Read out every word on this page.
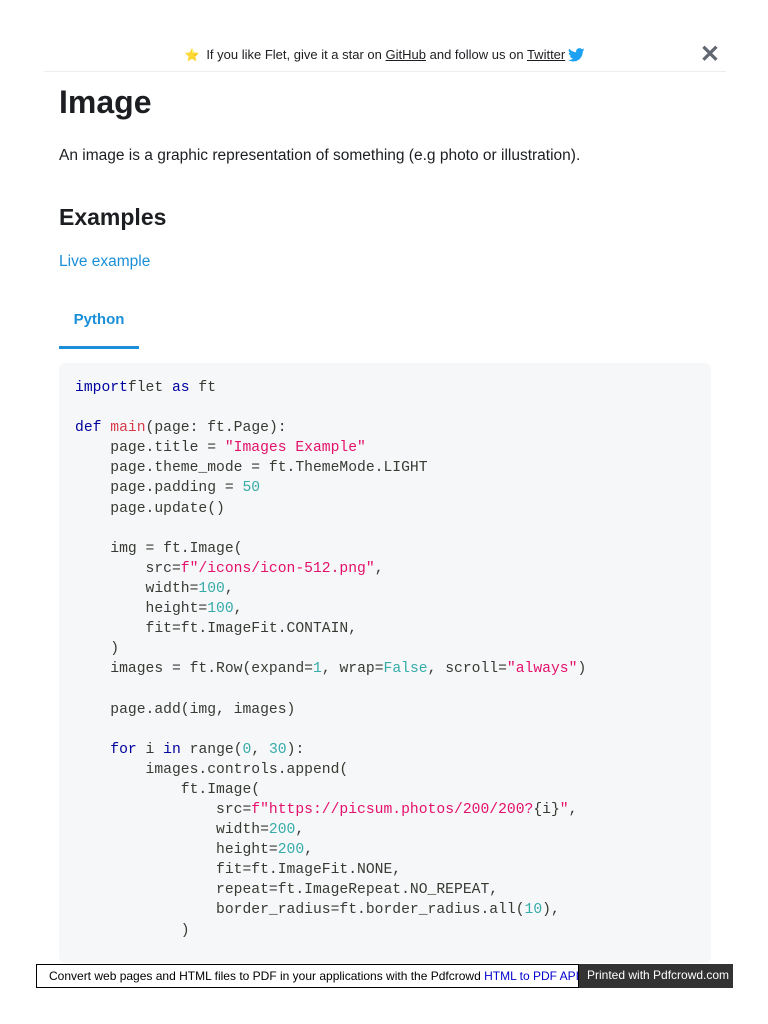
⭐ If you like Flet, give it a star on GitHub and follow us on Twitter	✕
Image

An image is a graphic representation of something (e.g photo or illustration).

Examples
Live example
Python
importflet as ft

def main(page: ft.Page):
page.title = "Images Example"
page.theme_mode = ft.ThemeMode.LIGHT
page.padding = 50
page.update()

img = ft.Image(
src=f"/icons/icon-512.png",
width=100,
height=100,
fit=ft.ImageFit.CONTAIN,
)
images = ft.Row(expand=1, wrap=False, scroll="always")

page.add(img, images)

for i in range(0, 30):
images.controls.append(
ft.Image(
src=f"https://picsum.photos/200/200?{i}",
width=200,
height=200,
fit=ft.ImageFit.NONE,
repeat=ft.ImageRepeat.NO_REPEAT,
border_radius=ft.border_radius.all(10),
)
Convert web pages and HTML files to PDF in your applications with the Pdfcrowd HTML to PDF API Printed with Pdfcrowd.com
